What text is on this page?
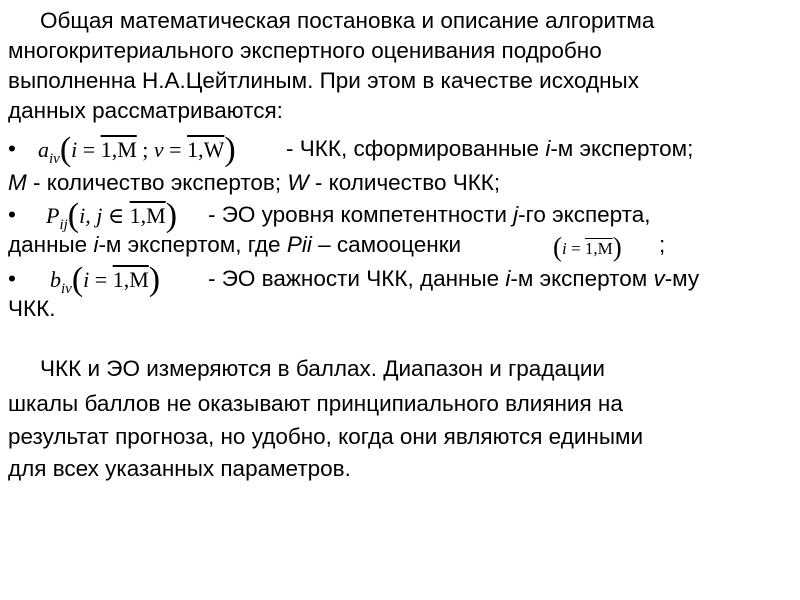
Общая математическая постановка и описание алгоритма
многокритериального экспертного оценивания подробно
выполненна Н.А.Цейтлиным. При этом в качестве исходных
данных рассматриваются:
• $a_{iv}(i = 1,M$ ; v = 1,W) - ЧКК, сформированные i-м экспертом;
M - количество экспертов; W - количество ЧКК;
• $P_{ij}(i$, j ∈ 1,M) - ЭО уровня компетентности j-го эксперта,
данные i-м экспертом, где Pii – самооценки	(i = 1,M) ;
• $b_{iv}(i = 1,M)$ - ЭО важности ЧКК, данные i-м экспертом v-му
ЧКК.
ЧКК и ЭО измеряются в баллах. Диапазон и градации
шкалы баллов не оказывают принципиального влияния на
результат прогноза, но удобно, когда они являются едиными
для всех указанных параметров.
